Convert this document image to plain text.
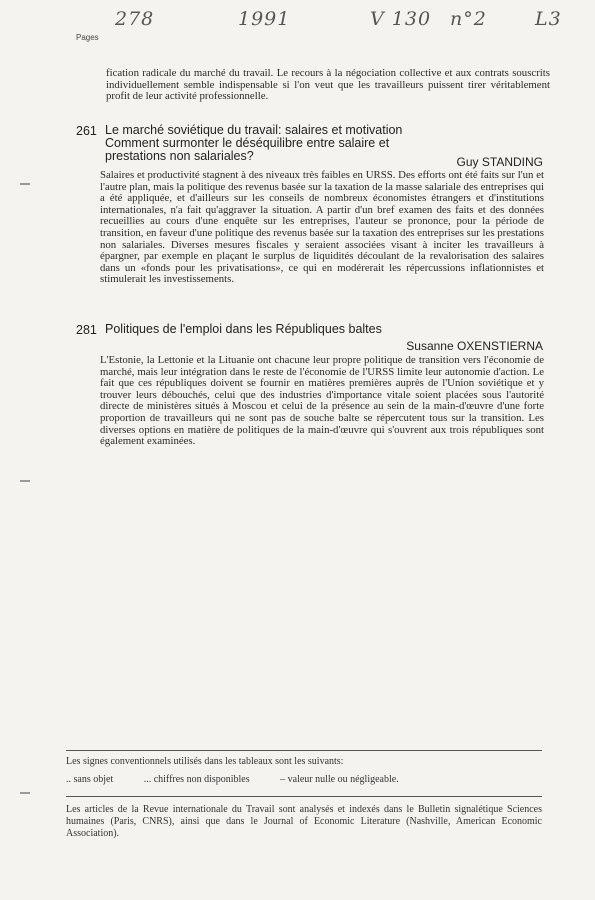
278	1991	V 130 n°2	L3
Pages

fication radicale du marché du travail. Le recours à la négociation collective et aux contrats souscrits individuellement semble indispensable si l'on veut que les travailleurs puissent tirer véritablement profit de leur activité professionnelle.

261 Le marché soviétique du travail: salaires et motivation Comment surmonter le déséquilibre entre salaire et prestations non salariales?	Guy STANDING

Salaires et productivité stagnent à des niveaux très faibles en URSS. Des efforts ont été faits sur l'un et l'autre plan, mais la politique des revenus basée sur la taxation de la masse salariale des entreprises qui a été appliquée, et d'ailleurs sur les conseils de nombreux économistes étrangers et d'institutions internationales, n'a fait qu'aggraver la situation. A partir d'un bref examen des faits et des données recueillies au cours d'une enquête sur les entreprises, l'auteur se prononce, pour la période de transition, en faveur d'une politique des revenus basée sur la taxation des entreprises sur les prestations non salariales. Diverses mesures fiscales y seraient associées visant à inciter les travailleurs à épargner, par exemple en plaçant le surplus de liquidités découlant de la revalorisation des salaires dans un «fonds pour les privatisations», ce qui en modérerait les répercussions inflationnistes et stimulerait les investissements.

281 Politiques de l'emploi dans les Républiques baltes
Susanne OXENSTIERNA

L'Estonie, la Lettonie et la Lituanie ont chacune leur propre politique de transition vers l'économie de marché, mais leur intégration dans le reste de l'économie de l'URSS limite leur autonomie d'action. Le fait que ces républiques doivent se fournir en matières premières auprès de l'Union soviétique et y trouver leurs débouchés, celui que des industries d'importance vitale soient placées sous l'autorité directe de ministères situés à Moscou et celui de la présence au sein de la main-d'œuvre d'une forte proportion de travailleurs qui ne sont pas de souche balte se répercutent tous sur la transition. Les diverses options en matière de politiques de la main-d'œuvre qui s'ouvrent aux trois républiques sont également examinées.

Les signes conventionnels utilisés dans les tableaux sont les suivants:
.. sans objet	... chiffres non disponibles	– valeur nulle ou négligeable.

Les articles de la Revue internationale du Travail sont analysés et indexés dans le Bulletin signalétique Sciences humaines (Paris, CNRS), ainsi que dans le Journal of Economic Literature (Nashville, American Economic Association).
